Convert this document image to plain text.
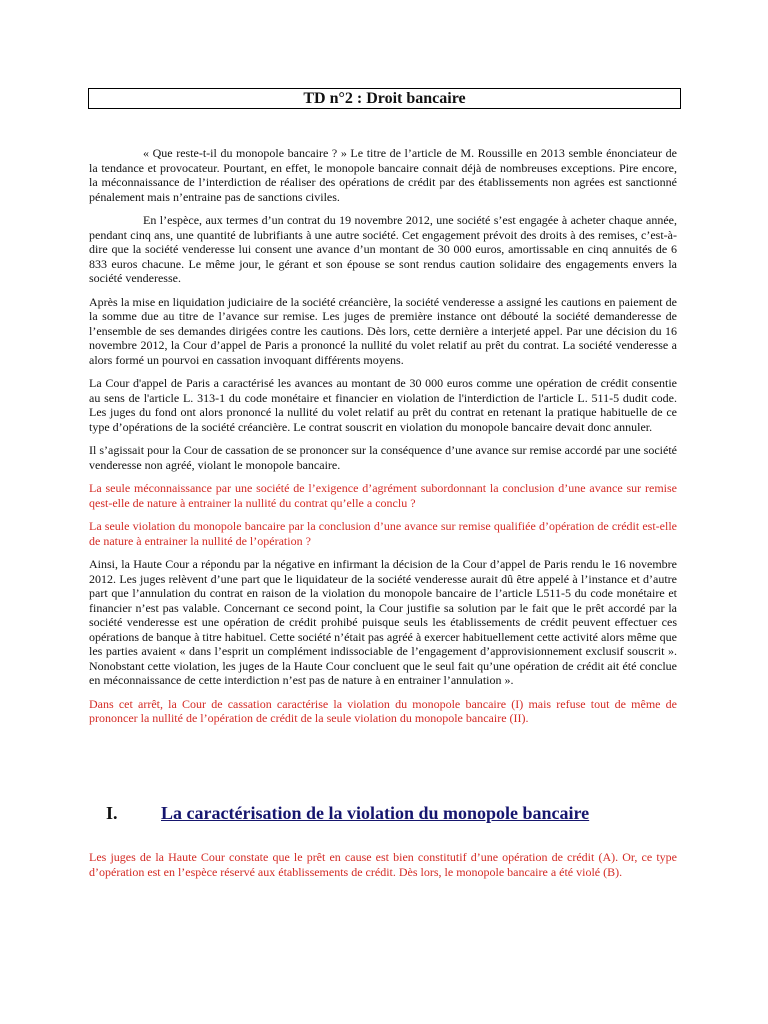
TD n°2 : Droit bancaire

« Que reste-t-il du monopole bancaire ? » Le titre de l’article de M. Roussille en 2013 semble énonciateur de la tendance et provocateur. Pourtant, en effet, le monopole bancaire connait déjà de nombreuses exceptions. Pire encore, la méconnaissance de l’interdiction de réaliser des opérations de crédit par des établissements non agrées est sanctionné pénalement mais n’entraine pas de sanctions civiles.

En l’espèce, aux termes d’un contrat du 19 novembre 2012, une société s’est engagée à acheter chaque année, pendant cinq ans, une quantité de lubrifiants à une autre société. Cet engagement prévoit des droits à des remises, c’est-à-dire que la société venderesse lui consent une avance d’un montant de 30 000 euros, amortissable en cinq annuités de 6 833 euros chacune. Le même jour, le gérant et son épouse se sont rendus caution solidaire des engagements envers la société venderesse.

Après la mise en liquidation judiciaire de la société créancière, la société venderesse a assigné les cautions en paiement de la somme due au titre de l’avance sur remise. Les juges de première instance ont débouté la société demanderesse de l’ensemble de ses demandes dirigées contre les cautions. Dès lors, cette dernière a interjeté appel. Par une décision du 16 novembre 2012, la Cour d’appel de Paris a prononcé la nullité du volet relatif au prêt du contrat. La société venderesse a alors formé un pourvoi en cassation invoquant différents moyens.

La Cour d'appel de Paris a caractérisé les avances au montant de 30 000 euros comme une opération de crédit consentie au sens de l'article L. 313-1 du code monétaire et financier en violation de l'interdiction de l'article L. 511-5 dudit code. Les juges du fond ont alors prononcé la nullité du volet relatif au prêt du contrat en retenant la pratique habituelle de ce type d’opérations de la société créancière. Le contrat souscrit en violation du monopole bancaire devait donc annuler.

Il s’agissait pour la Cour de cassation de se prononcer sur la conséquence d’une avance sur remise accordé par une société venderesse non agréé, violant le monopole bancaire.

La seule méconnaissance par une société de l’exigence d’agrément subordonnant la conclusion d’une avance sur remise qest-elle de nature à entrainer la nullité du contrat qu’elle a conclu ?

La seule violation du monopole bancaire par la conclusion d’une avance sur remise qualifiée d’opération de crédit est-elle de nature à entrainer la nullité de l’opération ?

Ainsi, la Haute Cour a répondu par la négative en infirmant la décision de la Cour d’appel de Paris rendu le 16 novembre 2012. Les juges relèvent d’une part que le liquidateur de la société venderesse aurait dû être appelé à l’instance et d’autre part que l’annulation du contrat en raison de la violation du monopole bancaire de l’article L511-5 du code monétaire et financier n’est pas valable. Concernant ce second point, la Cour justifie sa solution par le fait que le prêt accordé par la société venderesse est une opération de crédit prohibé puisque seuls les établissements de crédit peuvent effectuer ces opérations de banque à titre habituel. Cette société n’était pas agréé à exercer habituellement cette activité alors même que les parties avaient « dans l’esprit un complément indissociable de l’engagement d’approvisionnement exclusif souscrit ». Nonobstant cette violation, les juges de la Haute Cour concluent que le seul fait qu’une opération de crédit ait été conclue en méconnaissance de cette interdiction n’est pas de nature à en entrainer l’annulation ».

Dans cet arrêt, la Cour de cassation caractérise la violation du monopole bancaire (I) mais refuse tout de même de prononcer la nullité de l’opération de crédit de la seule violation du monopole bancaire (II).

I. La caractérisation de la violation du monopole bancaire

Les juges de la Haute Cour constate que le prêt en cause est bien constitutif d’une opération de crédit (A). Or, ce type d’opération est en l’espèce réservé aux établissements de crédit. Dès lors, le monopole bancaire a été violé (B).
